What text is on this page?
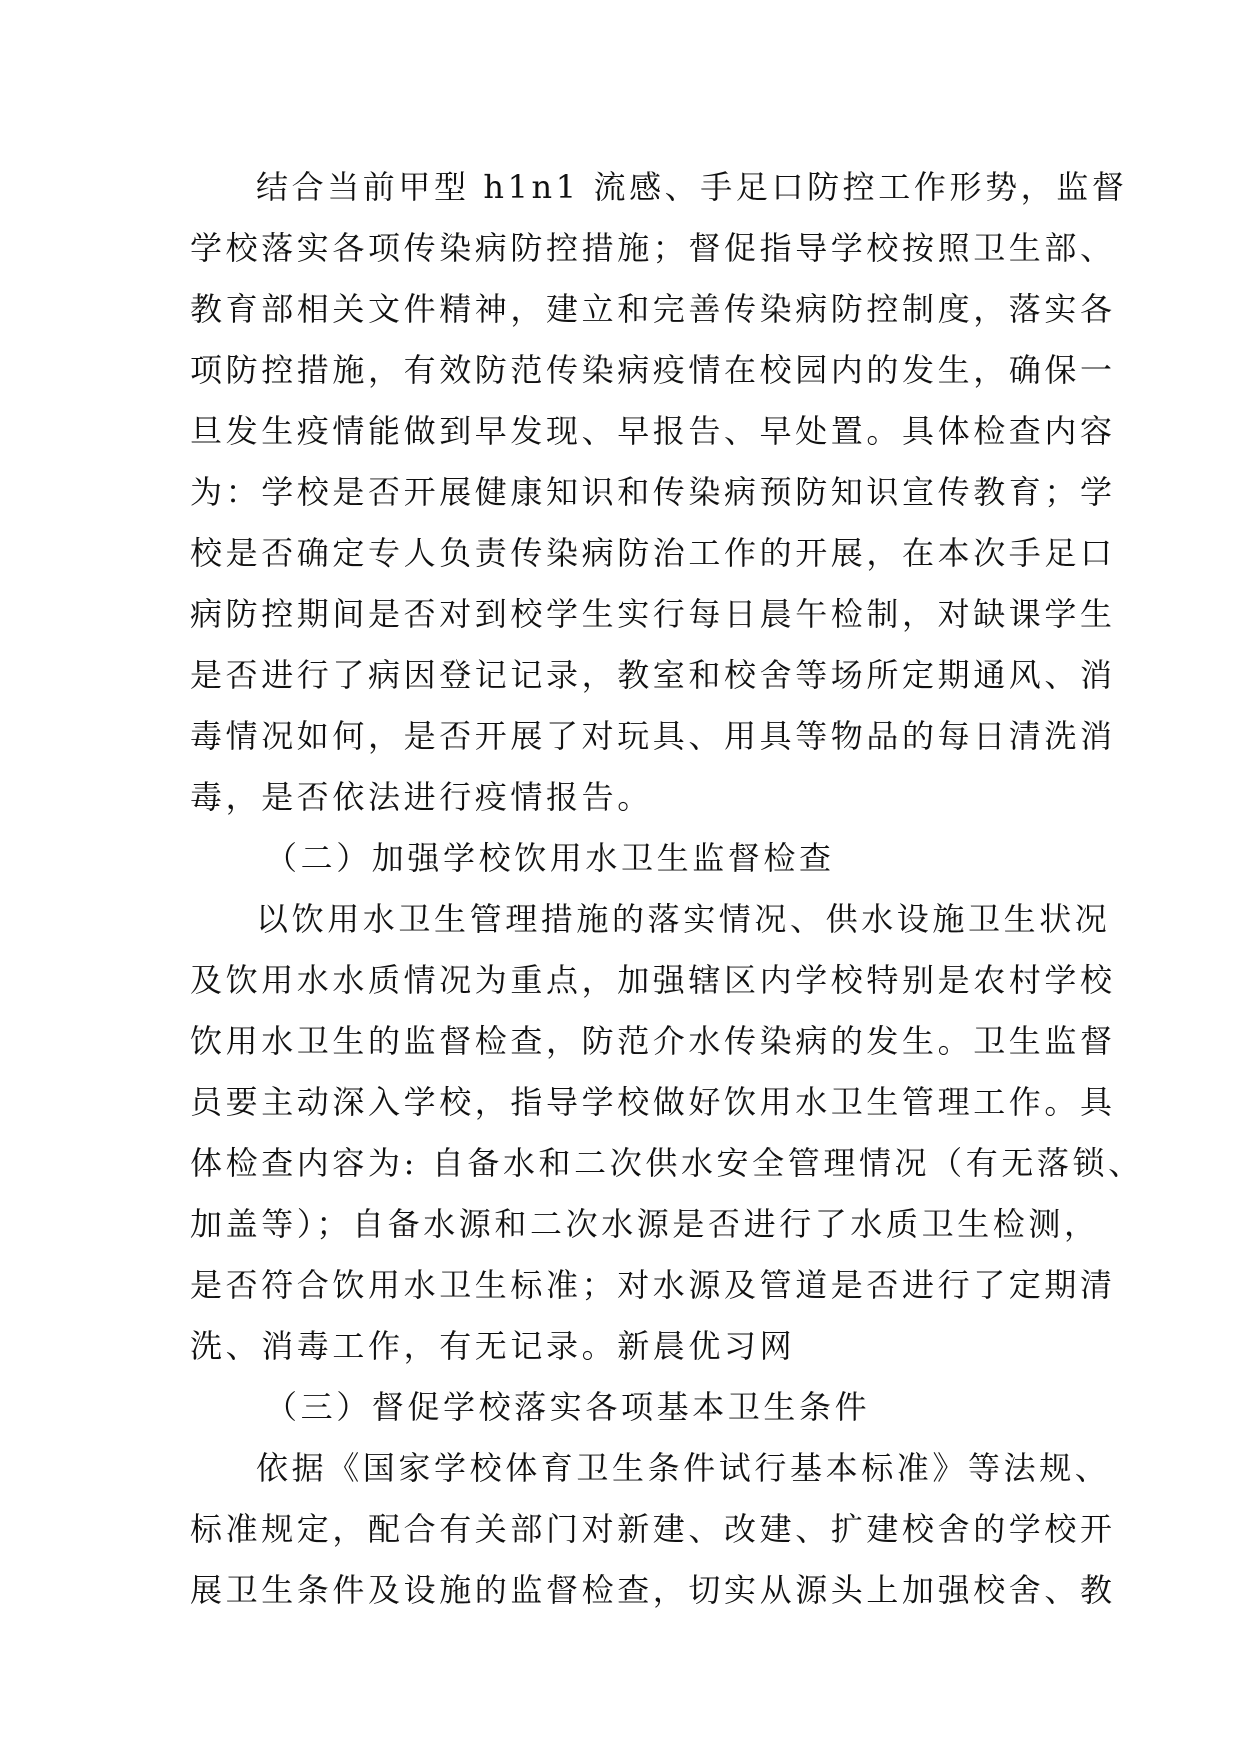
结合当前甲型 h1n1 流感、手足口防控工作形势，监督
学校落实各项传染病防控措施；督促指导学校按照卫生部、
教育部相关文件精神，建立和完善传染病防控制度，落实各
项防控措施，有效防范传染病疫情在校园内的发生，确保一
旦发生疫情能做到早发现、早报告、早处置。具体检查内容
为：学校是否开展健康知识和传染病预防知识宣传教育；学
校是否确定专人负责传染病防治工作的开展，在本次手足口
病防控期间是否对到校学生实行每日晨午检制，对缺课学生
是否进行了病因登记记录，教室和校舍等场所定期通风、消
毒情况如何，是否开展了对玩具、用具等物品的每日清洗消
毒，是否依法进行疫情报告。
（二）加强学校饮用水卫生监督检查
以饮用水卫生管理措施的落实情况、供水设施卫生状况
及饮用水水质情况为重点，加强辖区内学校特别是农村学校
饮用水卫生的监督检查，防范介水传染病的发生。卫生监督
员要主动深入学校，指导学校做好饮用水卫生管理工作。具
体检查内容为: 自备水和二次供水安全管理情况（有无落锁、
加盖等）；自备水源和二次水源是否进行了水质卫生检测，
是否符合饮用水卫生标准；对水源及管道是否进行了定期清
洗、消毒工作，有无记录。新晨优习网
（三）督促学校落实各项基本卫生条件
依据《国家学校体育卫生条件试行基本标准》等法规、
标准规定，配合有关部门对新建、改建、扩建校舍的学校开
展卫生条件及设施的监督检查，切实从源头上加强校舍、教
